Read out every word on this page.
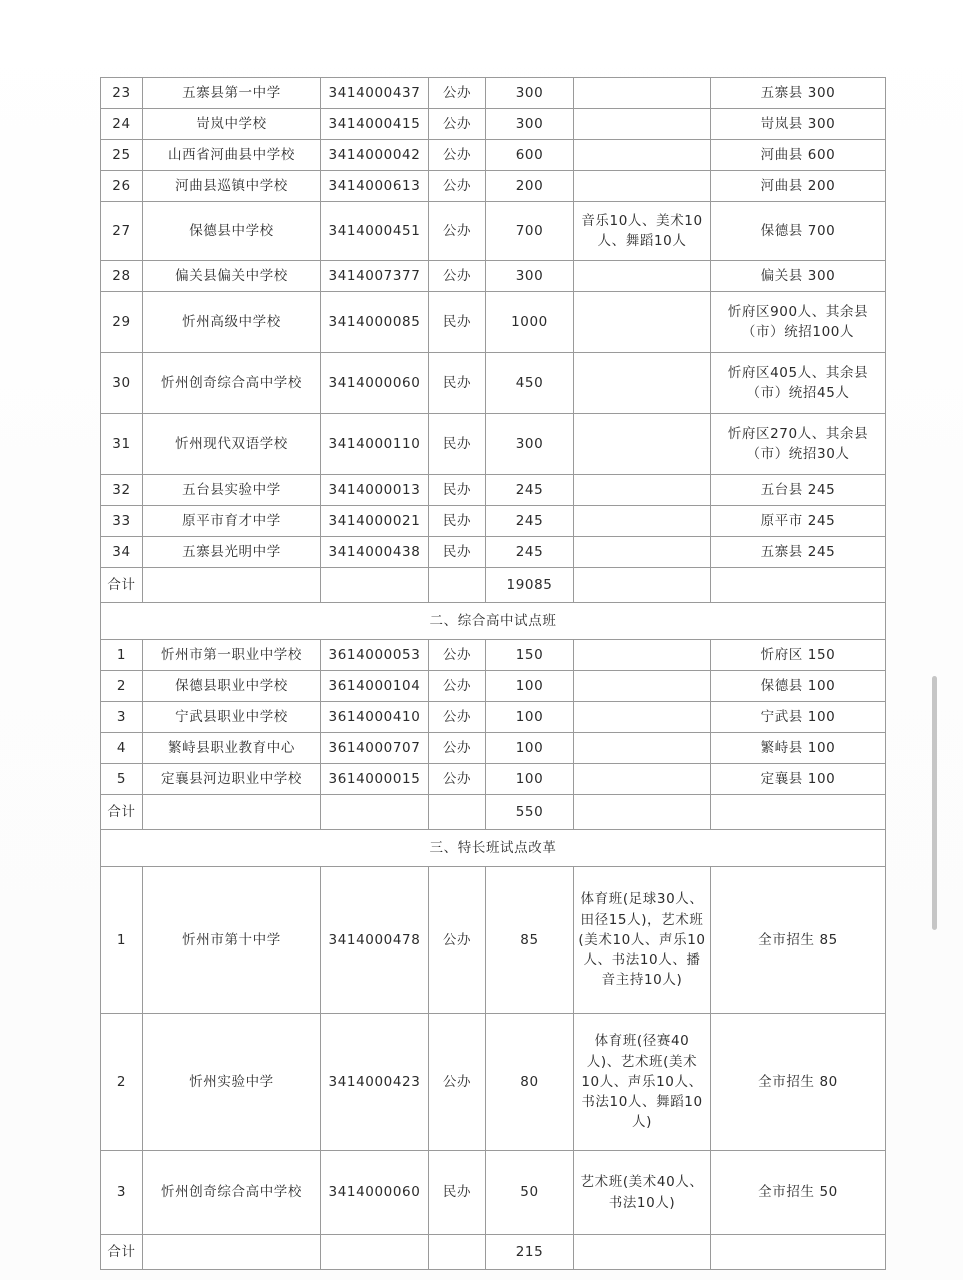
23	五寨县第一中学	3414000437	公办	300		五寨县 300
24	岢岚中学校	3414000415	公办	300		岢岚县 300
25	山西省河曲县中学校	3414000042	公办	600		河曲县 600
26	河曲县巡镇中学校	3414000613	公办	200		河曲县 200
27	保德县中学校	3414000451	公办	700	音乐10人、美术10人、舞蹈10人	保德县 700
28	偏关县偏关中学校	3414007377	公办	300		偏关县 300
29	忻州高级中学校	3414000085	民办	1000		忻府区900人、其余县（市）统招100人
30	忻州创奇综合高中学校	3414000060	民办	450		忻府区405人、其余县（市）统招45人
31	忻州现代双语学校	3414000110	民办	300		忻府区270人、其余县（市）统招30人
32	五台县实验中学	3414000013	民办	245		五台县 245
33	原平市育才中学	3414000021	民办	245		原平市 245
34	五寨县光明中学	3414000438	民办	245		五寨县 245
合计				19085		
二、综合高中试点班						
1	忻州市第一职业中学校	3614000053	公办	150		忻府区 150
2	保德县职业中学校	3614000104	公办	100		保德县 100
3	宁武县职业中学校	3614000410	公办	100		宁武县 100
4	繁峙县职业教育中心	3614000707	公办	100		繁峙县 100
5	定襄县河边职业中学校	3614000015	公办	100		定襄县 100
合计				550		
三、特长班试点改革						
1	忻州市第十中学	3414000478	公办	85	体育班(足球30人、田径15人)，艺术班(美术10人、声乐10人、书法10人、播音主持10人)	全市招生 85
2	忻州实验中学	3414000423	公办	80	体育班(径赛40人)、艺术班(美术10人、声乐10人、书法10人、舞蹈10人)	全市招生 80
3	忻州创奇综合高中学校	3414000060	民办	50	艺术班(美术40人、书法10人)	全市招生 50
合计				215		
